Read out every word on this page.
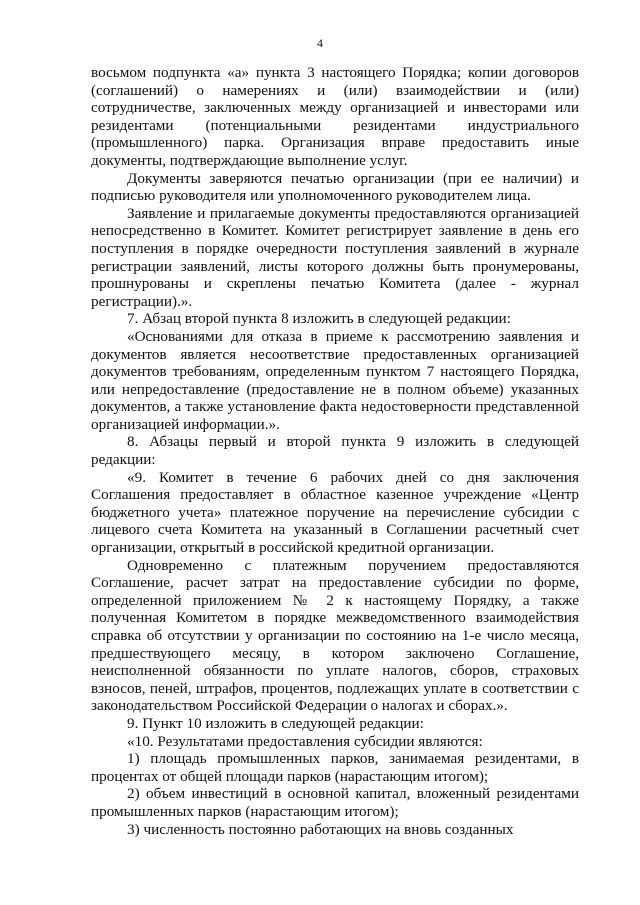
4

восьмом подпункта «а» пункта 3 настоящего Порядка; копии договоров (соглашений) о намерениях и (или) взаимодействии и (или) сотрудничестве, заключенных между организацией и инвесторами или резидентами (потенциальными резидентами индустриального (промышленного) парка. Организация вправе предоставить иные документы, подтверждающие выполнение услуг.

Документы заверяются печатью организации (при ее наличии) и подписью руководителя или уполномоченного руководителем лица.

Заявление и прилагаемые документы предоставляются организацией непосредственно в Комитет. Комитет регистрирует заявление в день его поступления в порядке очередности поступления заявлений в журнале регистрации заявлений, листы которого должны быть пронумерованы, прошнурованы и скреплены печатью Комитета (далее - журнал регистрации).».

7. Абзац второй пункта 8 изложить в следующей редакции:

«Основаниями для отказа в приеме к рассмотрению заявления и документов является несоответствие предоставленных организацией документов требованиям, определенным пунктом 7 настоящего Порядка, или непредоставление (предоставление не в полном объеме) указанных документов, а также установление факта недостоверности представленной организацией информации.».

8. Абзацы первый и второй пункта 9 изложить в следующей редакции:

«9. Комитет в течение 6 рабочих дней со дня заключения Соглашения предоставляет в областное казенное учреждение «Центр бюджетного учета» платежное поручение на перечисление субсидии с лицевого счета Комитета на указанный в Соглашении расчетный счет организации, открытый в российской кредитной организации.

Одновременно с платежным поручением предоставляются Соглашение, расчет затрат на предоставление субсидии по форме, определенной приложением № 2 к настоящему Порядку, а также полученная Комитетом в порядке межведомственного взаимодействия справка об отсутствии у организации по состоянию на 1-е число месяца, предшествующего месяцу, в котором заключено Соглашение, неисполненной обязанности по уплате налогов, сборов, страховых взносов, пеней, штрафов, процентов, подлежащих уплате в соответствии с законодательством Российской Федерации о налогах и сборах.».

9. Пункт 10 изложить в следующей редакции:

«10. Результатами предоставления субсидии являются:

1) площадь промышленных парков, занимаемая резидентами, в процентах от общей площади парков (нарастающим итогом);

2) объем инвестиций в основной капитал, вложенный резидентами промышленных парков (нарастающим итогом);

3) численность постоянно работающих на вновь созданных
